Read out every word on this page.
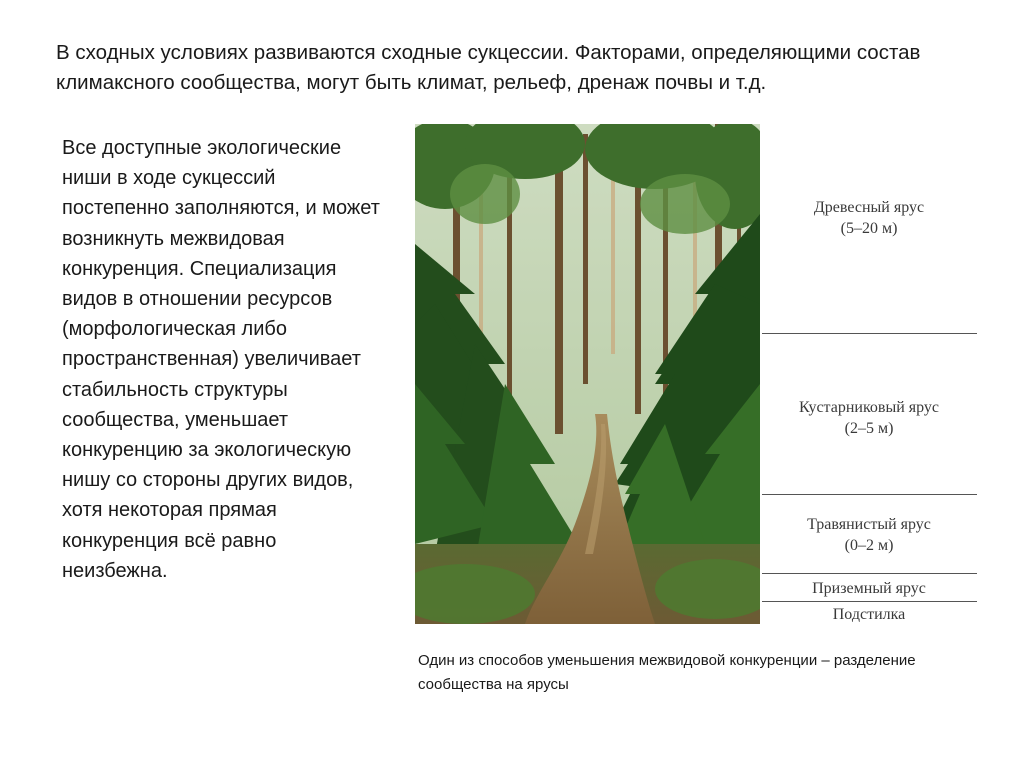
В сходных условиях развиваются сходные сукцессии. Факторами, определяющими состав климаксного сообщества, могут быть климат, рельеф, дренаж почвы и т.д.
Все доступные экологические ниши в ходе сукцессий постепенно заполняются, и может возникнуть межвидовая конкуренция. Специализация видов в отношении ресурсов (морфологическая либо пространственная) увеличивает стабильность структуры сообщества, уменьшает конкуренцию за экологическую нишу со стороны других видов, хотя некоторая прямая конкуренция всё равно неизбежна.
Древесный ярус
(5–20 м)
Кустарниковый ярус
(2–5 м)
Травянистый ярус
(0–2 м)
Приземный ярус
Подстилка
Один из способов уменьшения межвидовой конкуренции – разделение сообщества на ярусы
